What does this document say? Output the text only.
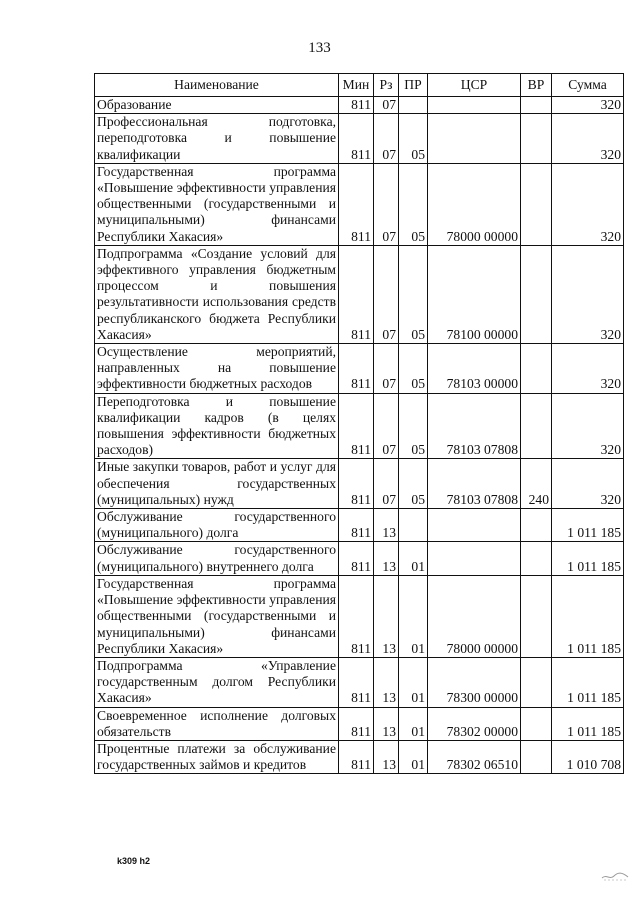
133
Наименование	Мин	Рз	ПР	ЦСР	ВР	Сумма
Образование	811	07				320
Профессиональная подготовка, переподготовка и повышение квалификации	811	07	05			320
Государственная программа «Повышение эффективности управления общественными (государственными и муниципальными) финансами Республики Хакасия»	811	07	05	78000 00000		320
Подпрограмма «Создание условий для эффективного управления бюджетным процессом и повышения результативности использования средств республиканского бюджета Республики Хакасия»	811	07	05	78100 00000		320
Осуществление мероприятий, направленных на повышение эффективности бюджетных расходов	811	07	05	78103 00000		320
Переподготовка и повышение квалификации кадров (в целях повышения эффективности бюджетных расходов)	811	07	05	78103 07808		320
Иные закупки товаров, работ и услуг для обеспечения государственных (муниципальных) нужд	811	07	05	78103 07808	240	320
Обслуживание государственного (муниципального) долга	811	13				1 011 185
Обслуживание государственного (муниципального) внутреннего долга	811	13	01			1 011 185
Государственная программа «Повышение эффективности управления общественными (государственными и муниципальными) финансами Республики Хакасия»	811	13	01	78000 00000		1 011 185
Подпрограмма «Управление государственным долгом Республики Хакасия»	811	13	01	78300 00000		1 011 185
Своевременное исполнение долговых обязательств	811	13	01	78302 00000		1 011 185
Процентные платежи за обслуживание государственных займов и кредитов	811	13	01	78302 06510		1 010 708
k309 h2
